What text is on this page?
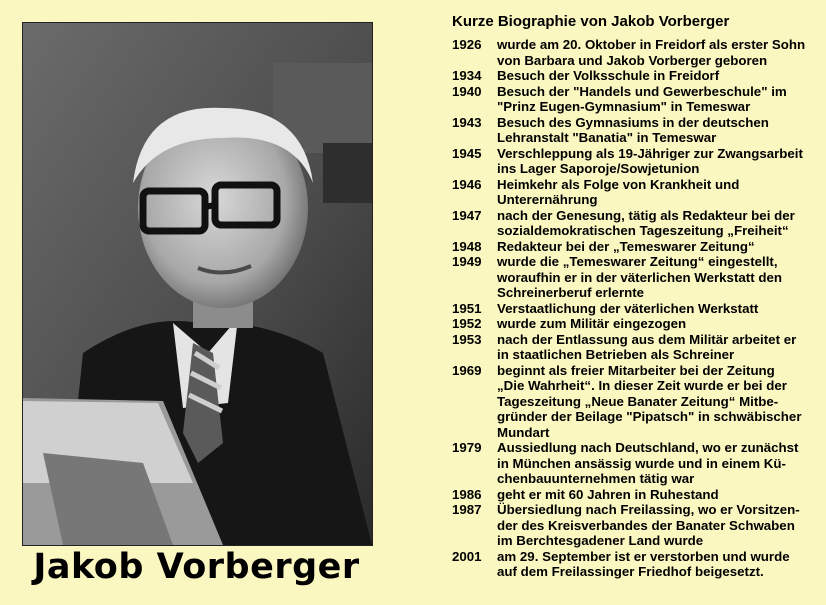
Jakob Vorberger
Kurze Biographie von Jakob Vorberger
1926	wurde am 20. Oktober in Freidorf als erster Sohn
von Barbara und Jakob Vorberger geboren
1934	Besuch der Volksschule in Freidorf
1940	Besuch der "Handels und Gewerbeschule" im
"Prinz Eugen-Gymnasium" in Temeswar
1943	Besuch des Gymnasiums in der deutschen
Lehranstalt "Banatia" in Temeswar
1945	Verschleppung als 19-Jähriger zur Zwangsarbeit
ins Lager Saporoje/Sowjetunion
1946	Heimkehr als Folge von Krankheit und
Unterernährung
1947	nach der Genesung, tätig als Redakteur bei der
sozialdemokratischen Tageszeitung „Freiheit“
1948	Redakteur bei der „Temeswarer Zeitung“
1949	wurde die „Temeswarer Zeitung“ eingestellt,
woraufhin er in der väterlichen Werkstatt den
Schreinerberuf erlernte
1951	Verstaatlichung der väterlichen Werkstatt
1952	wurde zum Militär eingezogen
1953	nach der Entlassung aus dem Militär arbeitet er
in staatlichen Betrieben als Schreiner
1969	beginnt als freier Mitarbeiter bei der Zeitung
„Die Wahrheit“. In dieser Zeit wurde er bei der
Tageszeitung „Neue Banater Zeitung“ Mitbe-
gründer der Beilage "Pipatsch" in schwäbischer
Mundart
1979	Aussiedlung nach Deutschland, wo er zunächst
in München ansässig wurde und in einem Kü-
chenbauunternehmen tätig war
1986	geht er mit 60 Jahren in Ruhestand
1987	Übersiedlung nach Freilassing, wo er Vorsitzen-
der des Kreisverbandes der Banater Schwaben
im Berchtesgadener Land wurde
2001	am 29. September ist er verstorben und wurde
auf dem Freilassinger Friedhof beigesetzt.
